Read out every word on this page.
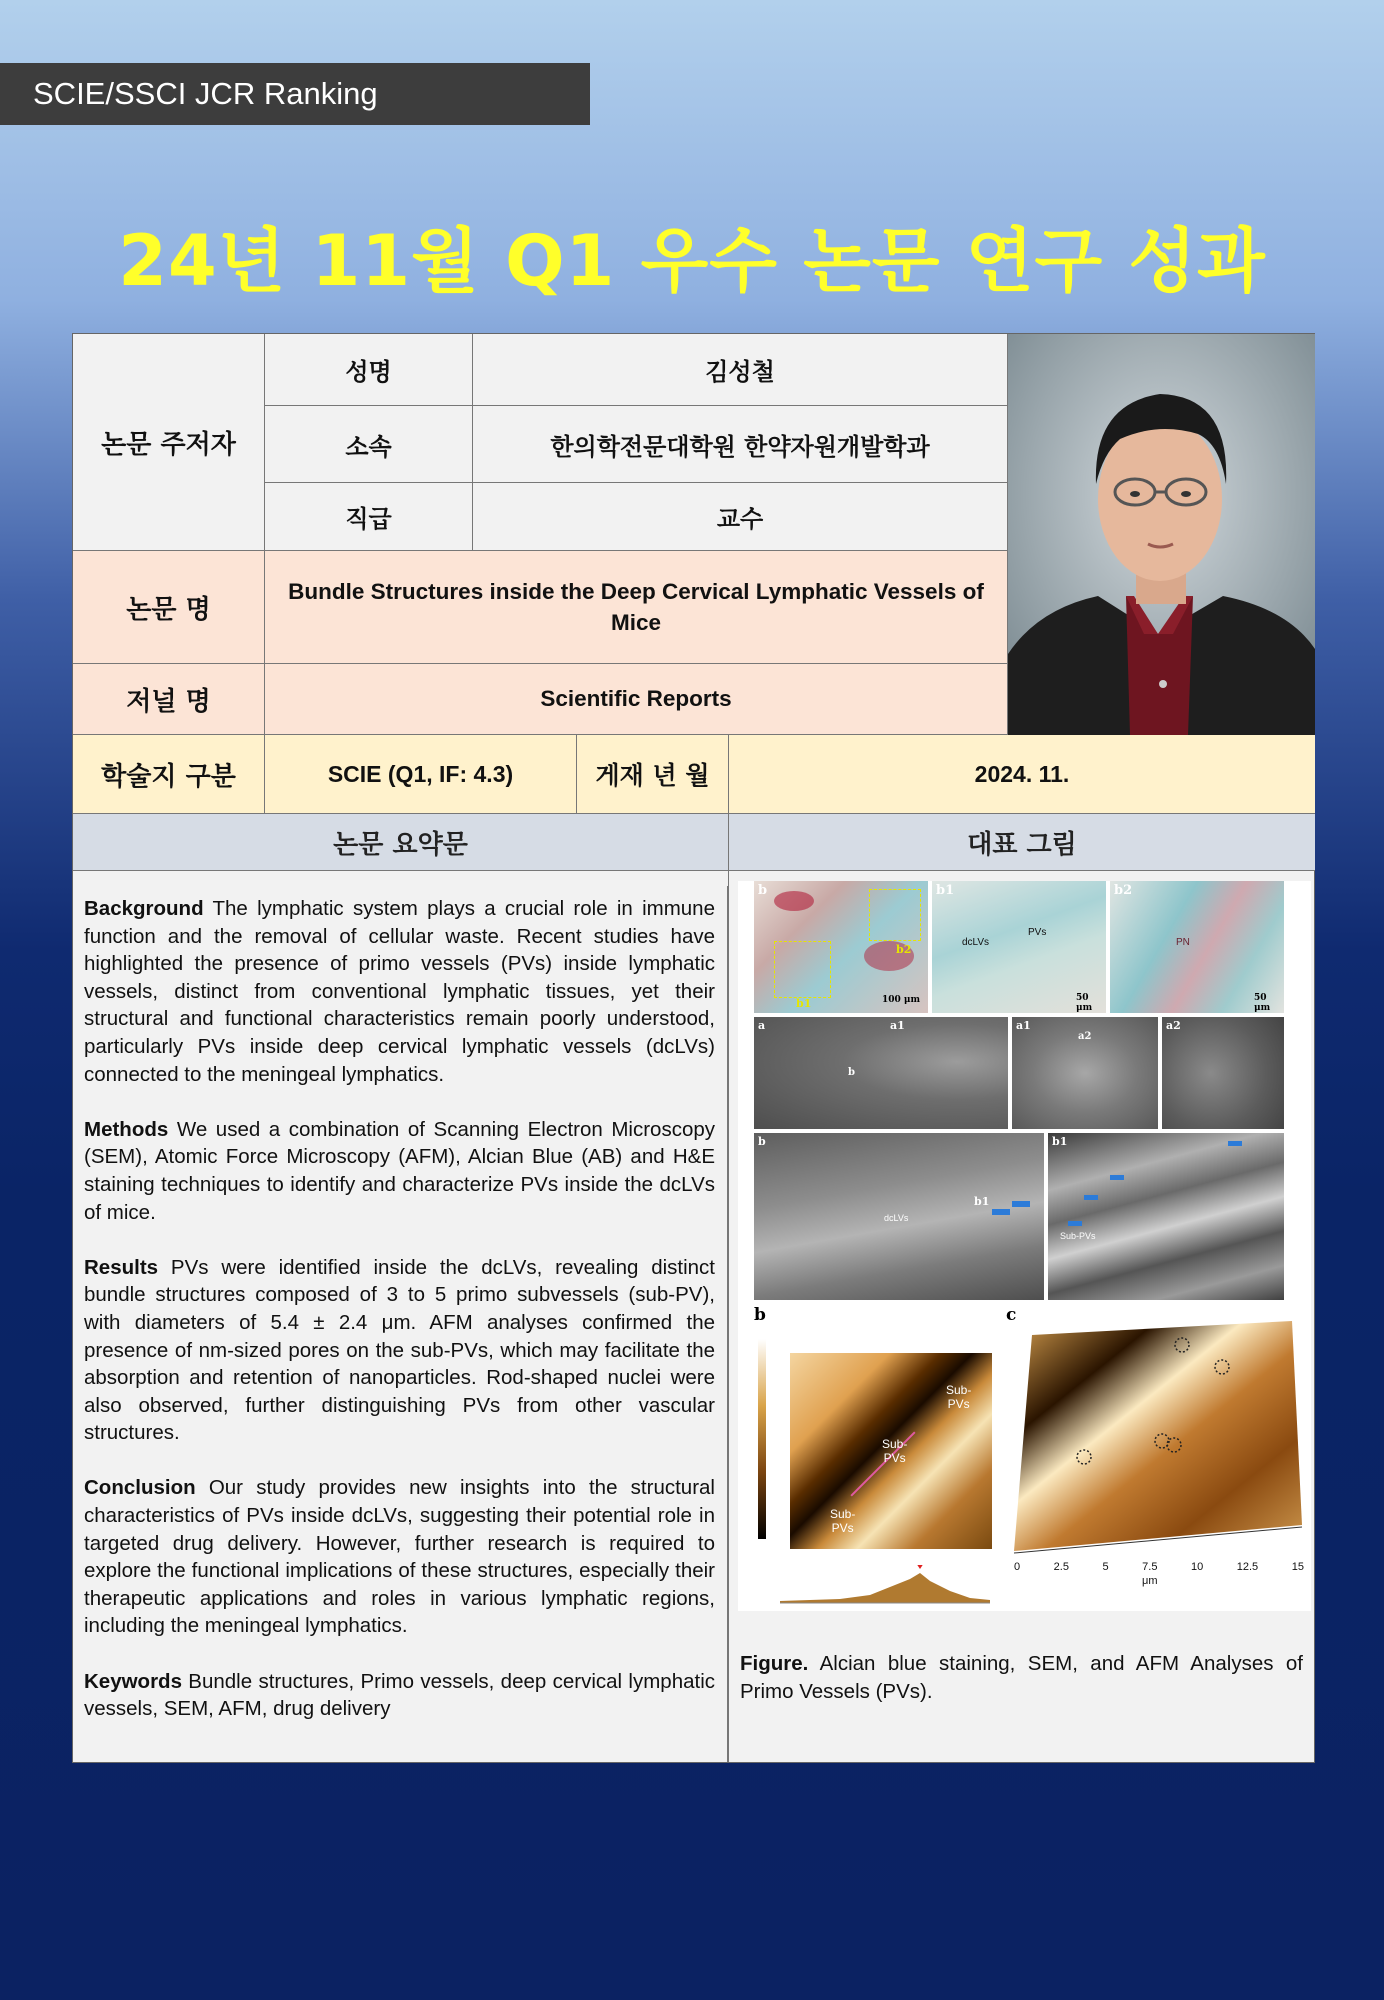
SCIE/SSCI JCR Ranking
24년 11월 Q1 우수 논문 연구 성과
논문 주저자
성명	김성철
소속	한의학전문대학원 한약자원개발학과
직급	교수
논문 명
Bundle Structures inside the Deep Cervical Lymphatic Vessels of Mice
저널 명	Scientific Reports
학술지 구분	SCIE (Q1, IF: 4.3)	게재 년 월	2024. 11.
논문 요약문	대표 그림

Background The lymphatic system plays a crucial role in immune function and the removal of cellular waste. Recent studies have highlighted the presence of primo vessels (PVs) inside lymphatic vessels, distinct from conventional lymphatic tissues, yet their structural and functional characteristics remain poorly understood, particularly PVs inside deep cervical lymphatic vessels (dcLVs) connected to the meningeal lymphatics.

Methods We used a combination of Scanning Electron Microscopy (SEM), Atomic Force Microscopy (AFM), Alcian Blue (AB) and H&E staining techniques to identify and characterize PVs inside the dcLVs of mice.

Results PVs were identified inside the dcLVs, revealing distinct bundle structures composed of 3 to 5 primo subvessels (sub-PV), with diameters of 5.4 ± 2.4 μm. AFM analyses confirmed the presence of nm-sized pores on the sub-PVs, which may facilitate the absorption and retention of nanoparticles. Rod-shaped nuclei were also observed, further distinguishing PVs from other vascular structures.

Conclusion Our study provides new insights into the structural characteristics of PVs inside dcLVs, suggesting their potential role in targeted drug delivery. However, further research is required to explore the functional implications of these structures, especially their therapeutic applications and roles in various lymphatic regions, including the meningeal lymphatics.

Keywords Bundle structures, Primo vessels, deep cervical lymphatic vessels, SEM, AFM, drug delivery

b
b1
b2
100 μm
b1
dcLVs
PVs
50 μm
b2
PN
50 μm
a	a1
b
a1
a2
a2
b
dcLVs
b1
b1
Sub-PVs
b
Sub-
PVs
Sub-
PVs
Sub-
PVs
c
0	2.5	5	7.5	10	12.5	15
μm
Figure. Alcian blue staining, SEM, and AFM Analyses of Primo Vessels (PVs).
